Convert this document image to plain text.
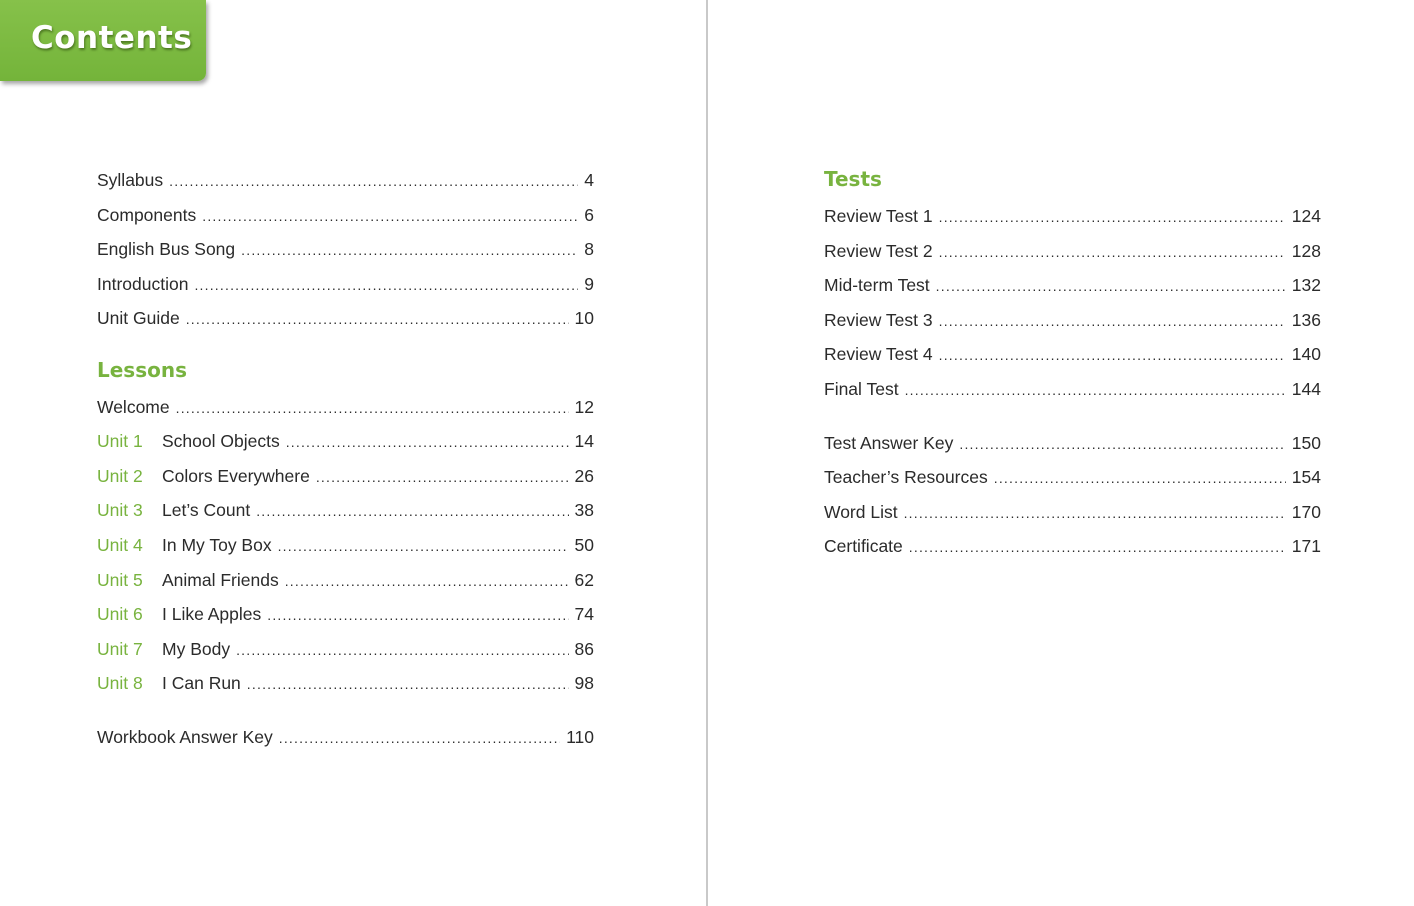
Contents
Syllabus .....	4
Components .....	6
English Bus Song .....	8
Introduction .....	9
Unit Guide .....	10
Lessons
Welcome .....	12
Unit 1	School Objects .....	14
Unit 2	Colors Everywhere .....	26
Unit 3	Let’s Count .....	38
Unit 4	In My Toy Box .....	50
Unit 5	Animal Friends .....	62
Unit 6	I Like Apples .....	74
Unit 7	My Body .....	86
Unit 8	I Can Run .....	98
Workbook Answer Key .....	110
Tests
Review Test 1 .....	124
Review Test 2 .....	128
Mid-term Test .....	132
Review Test 3 .....	136
Review Test 4 .....	140
Final Test .....	144
Test Answer Key .....	150
Teacher’s Resources .....	154
Word List .....	170
Certificate .....	171
